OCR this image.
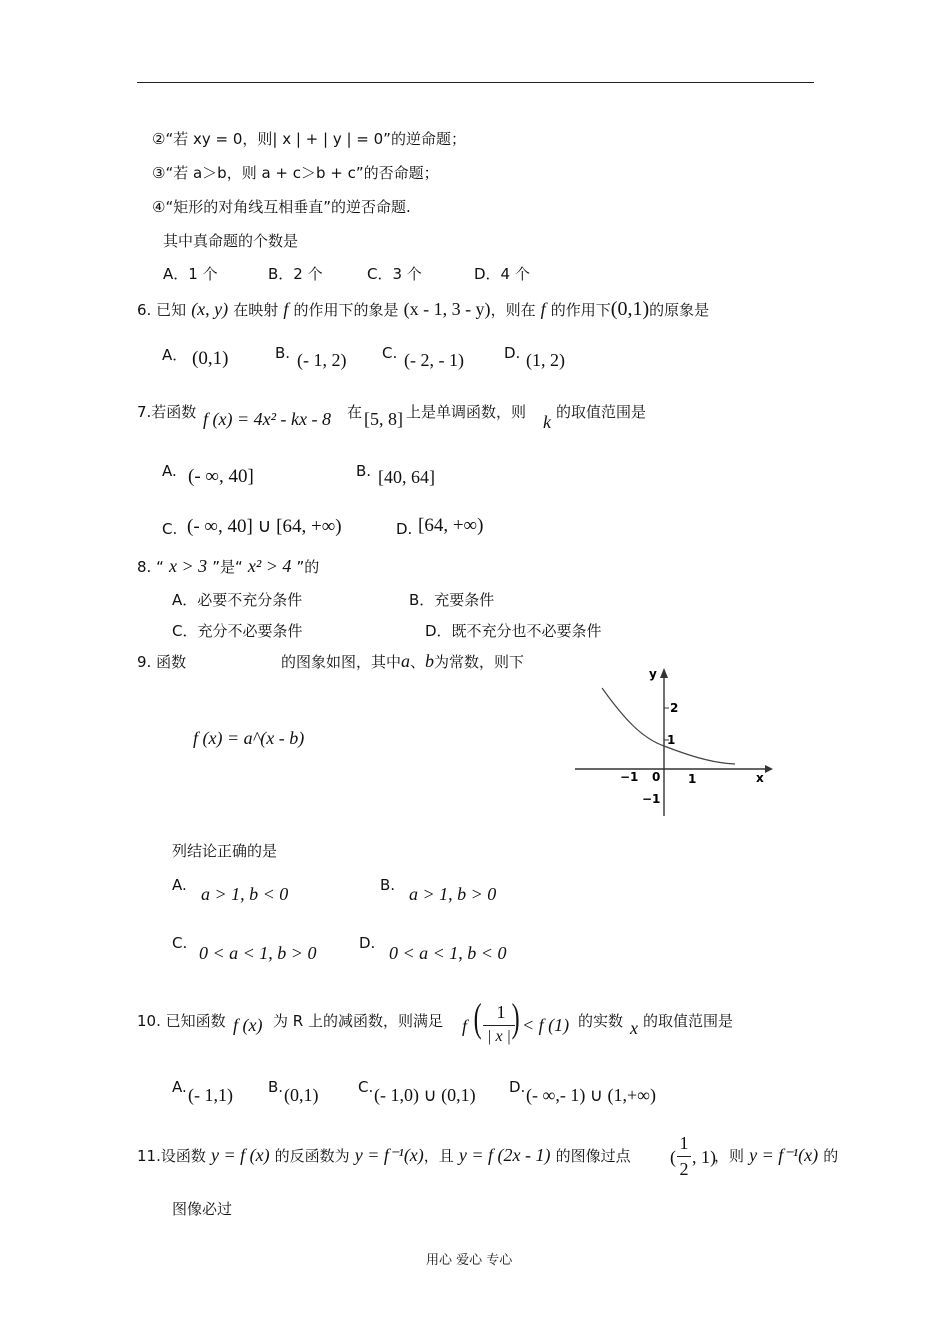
②“若 xy = 0，则| x | + | y | = 0”的逆命题；
③“若 a＞b，则 a + c＞b + c”的否命题；
④“矩形的对角线互相垂直”的逆否命题.
其中真命题的个数是
A．1 个	B．2 个	C．3 个	D．4 个
6. 已知 (x, y) 在映射 f 的作用下的象是 (x - 1, 3 - y)，则在 f 的作用下(0,1)的原象是
A． (0,1)	B. (- 1, 2) C. (- 2, - 1)	D. (1, 2)
7.若函数 f (x) = 4x² - kx - 8 在 [5, 8] 上是单调函数，则 k 的取值范围是
A. (- ∞, 40]	B. [40, 64]
C. (- ∞, 40] ∪ [64, +∞)	D. [64, +∞)
8. “ x > 3 ”是“ x² > 4 ”的
A．必要不充分条件	B．充要条件
C．充分不必要条件	D．既不充分也不必要条件
9. 函数	的图象如图，其中a、b为常数，则下
f (x) = a^(x - b)
y
x
2
1
−1 0 1
−1
列结论正确的是
A. a > 1, b < 0	B. a > 1, b > 0
C. 0 < a < 1, b > 0	D. 0 < a < 1, b < 0
10. 已知函数 f (x) 为 R 上的减函数，则满足 f ( 1
| x | ) < f (1) 的实数 x 的取值范围是
A. (- 1,1) B. (0,1)	C. (- 1,0) ∪ (0,1) D. (- ∞,- 1) ∪ (1,+∞)
11.设函数 y = f (x) 的反函数为 y = f⁻¹(x)，且 y = f (2x - 1) 的图像过点 (
1
2
, 1)
，则 y = f⁻¹(x) 的
图像必过
用心 爱心 专心
